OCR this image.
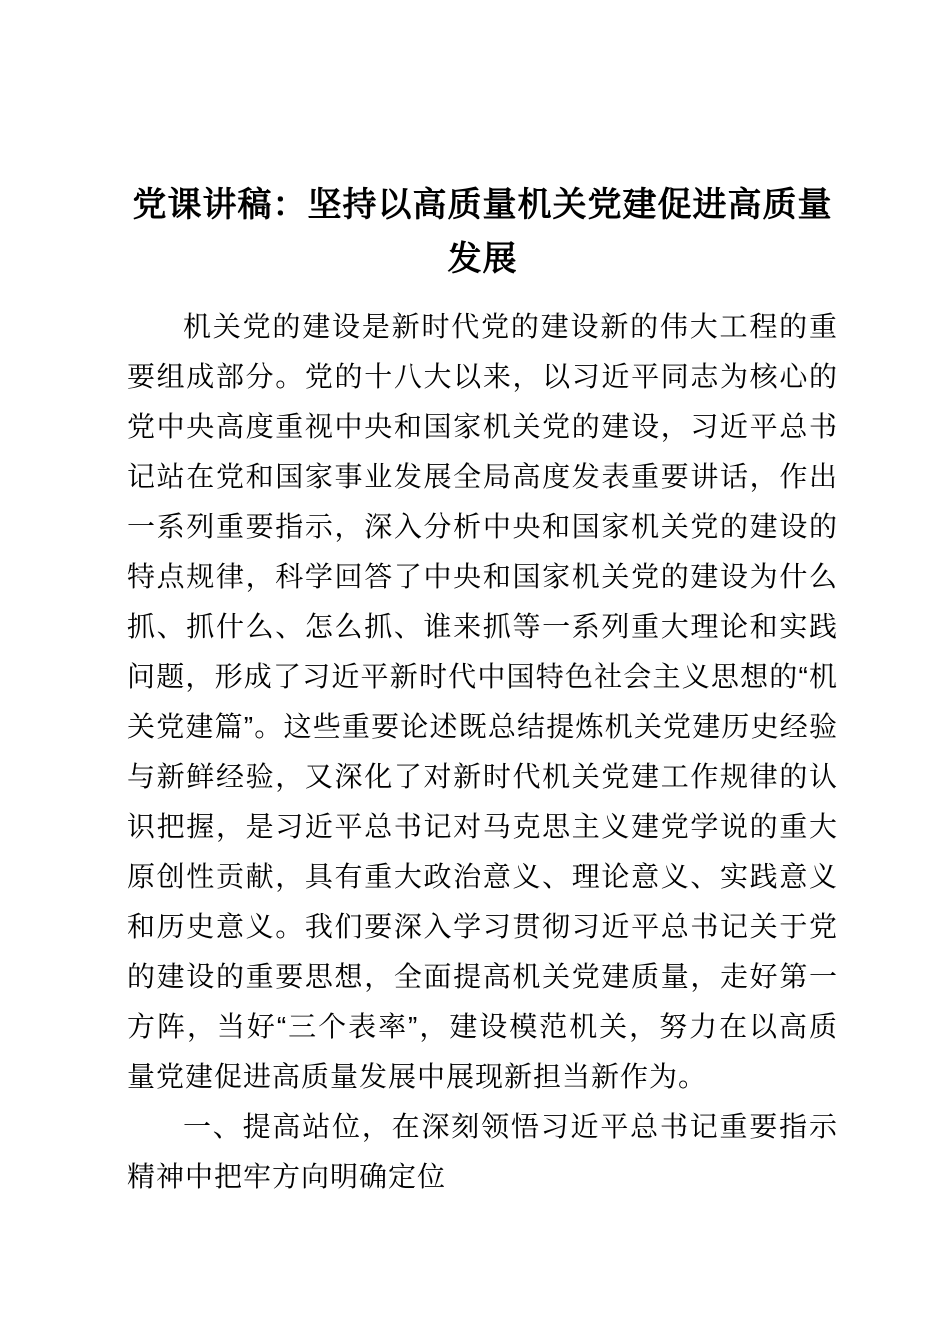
党课讲稿：坚持以高质量机关党建促进高质量发展

机关党的建设是新时代党的建设新的伟大工程的重要组成部分。党的十八大以来，以习近平同志为核心的党中央高度重视中央和国家机关党的建设，习近平总书记站在党和国家事业发展全局高度发表重要讲话，作出一系列重要指示，深入分析中央和国家机关党的建设的特点规律，科学回答了中央和国家机关党的建设为什么抓、抓什么、怎么抓、谁来抓等一系列重大理论和实践问题，形成了习近平新时代中国特色社会主义思想的“机关党建篇”。这些重要论述既总结提炼机关党建历史经验与新鲜经验，又深化了对新时代机关党建工作规律的认识把握，是习近平总书记对马克思主义建党学说的重大原创性贡献，具有重大政治意义、理论意义、实践意义和历史意义。我们要深入学习贯彻习近平总书记关于党的建设的重要思想，全面提高机关党建质量，走好第一方阵，当好“三个表率”，建设模范机关，努力在以高质量党建促进高质量发展中展现新担当新作为。

一、提高站位，在深刻领悟习近平总书记重要指示精神中把牢方向明确定位
